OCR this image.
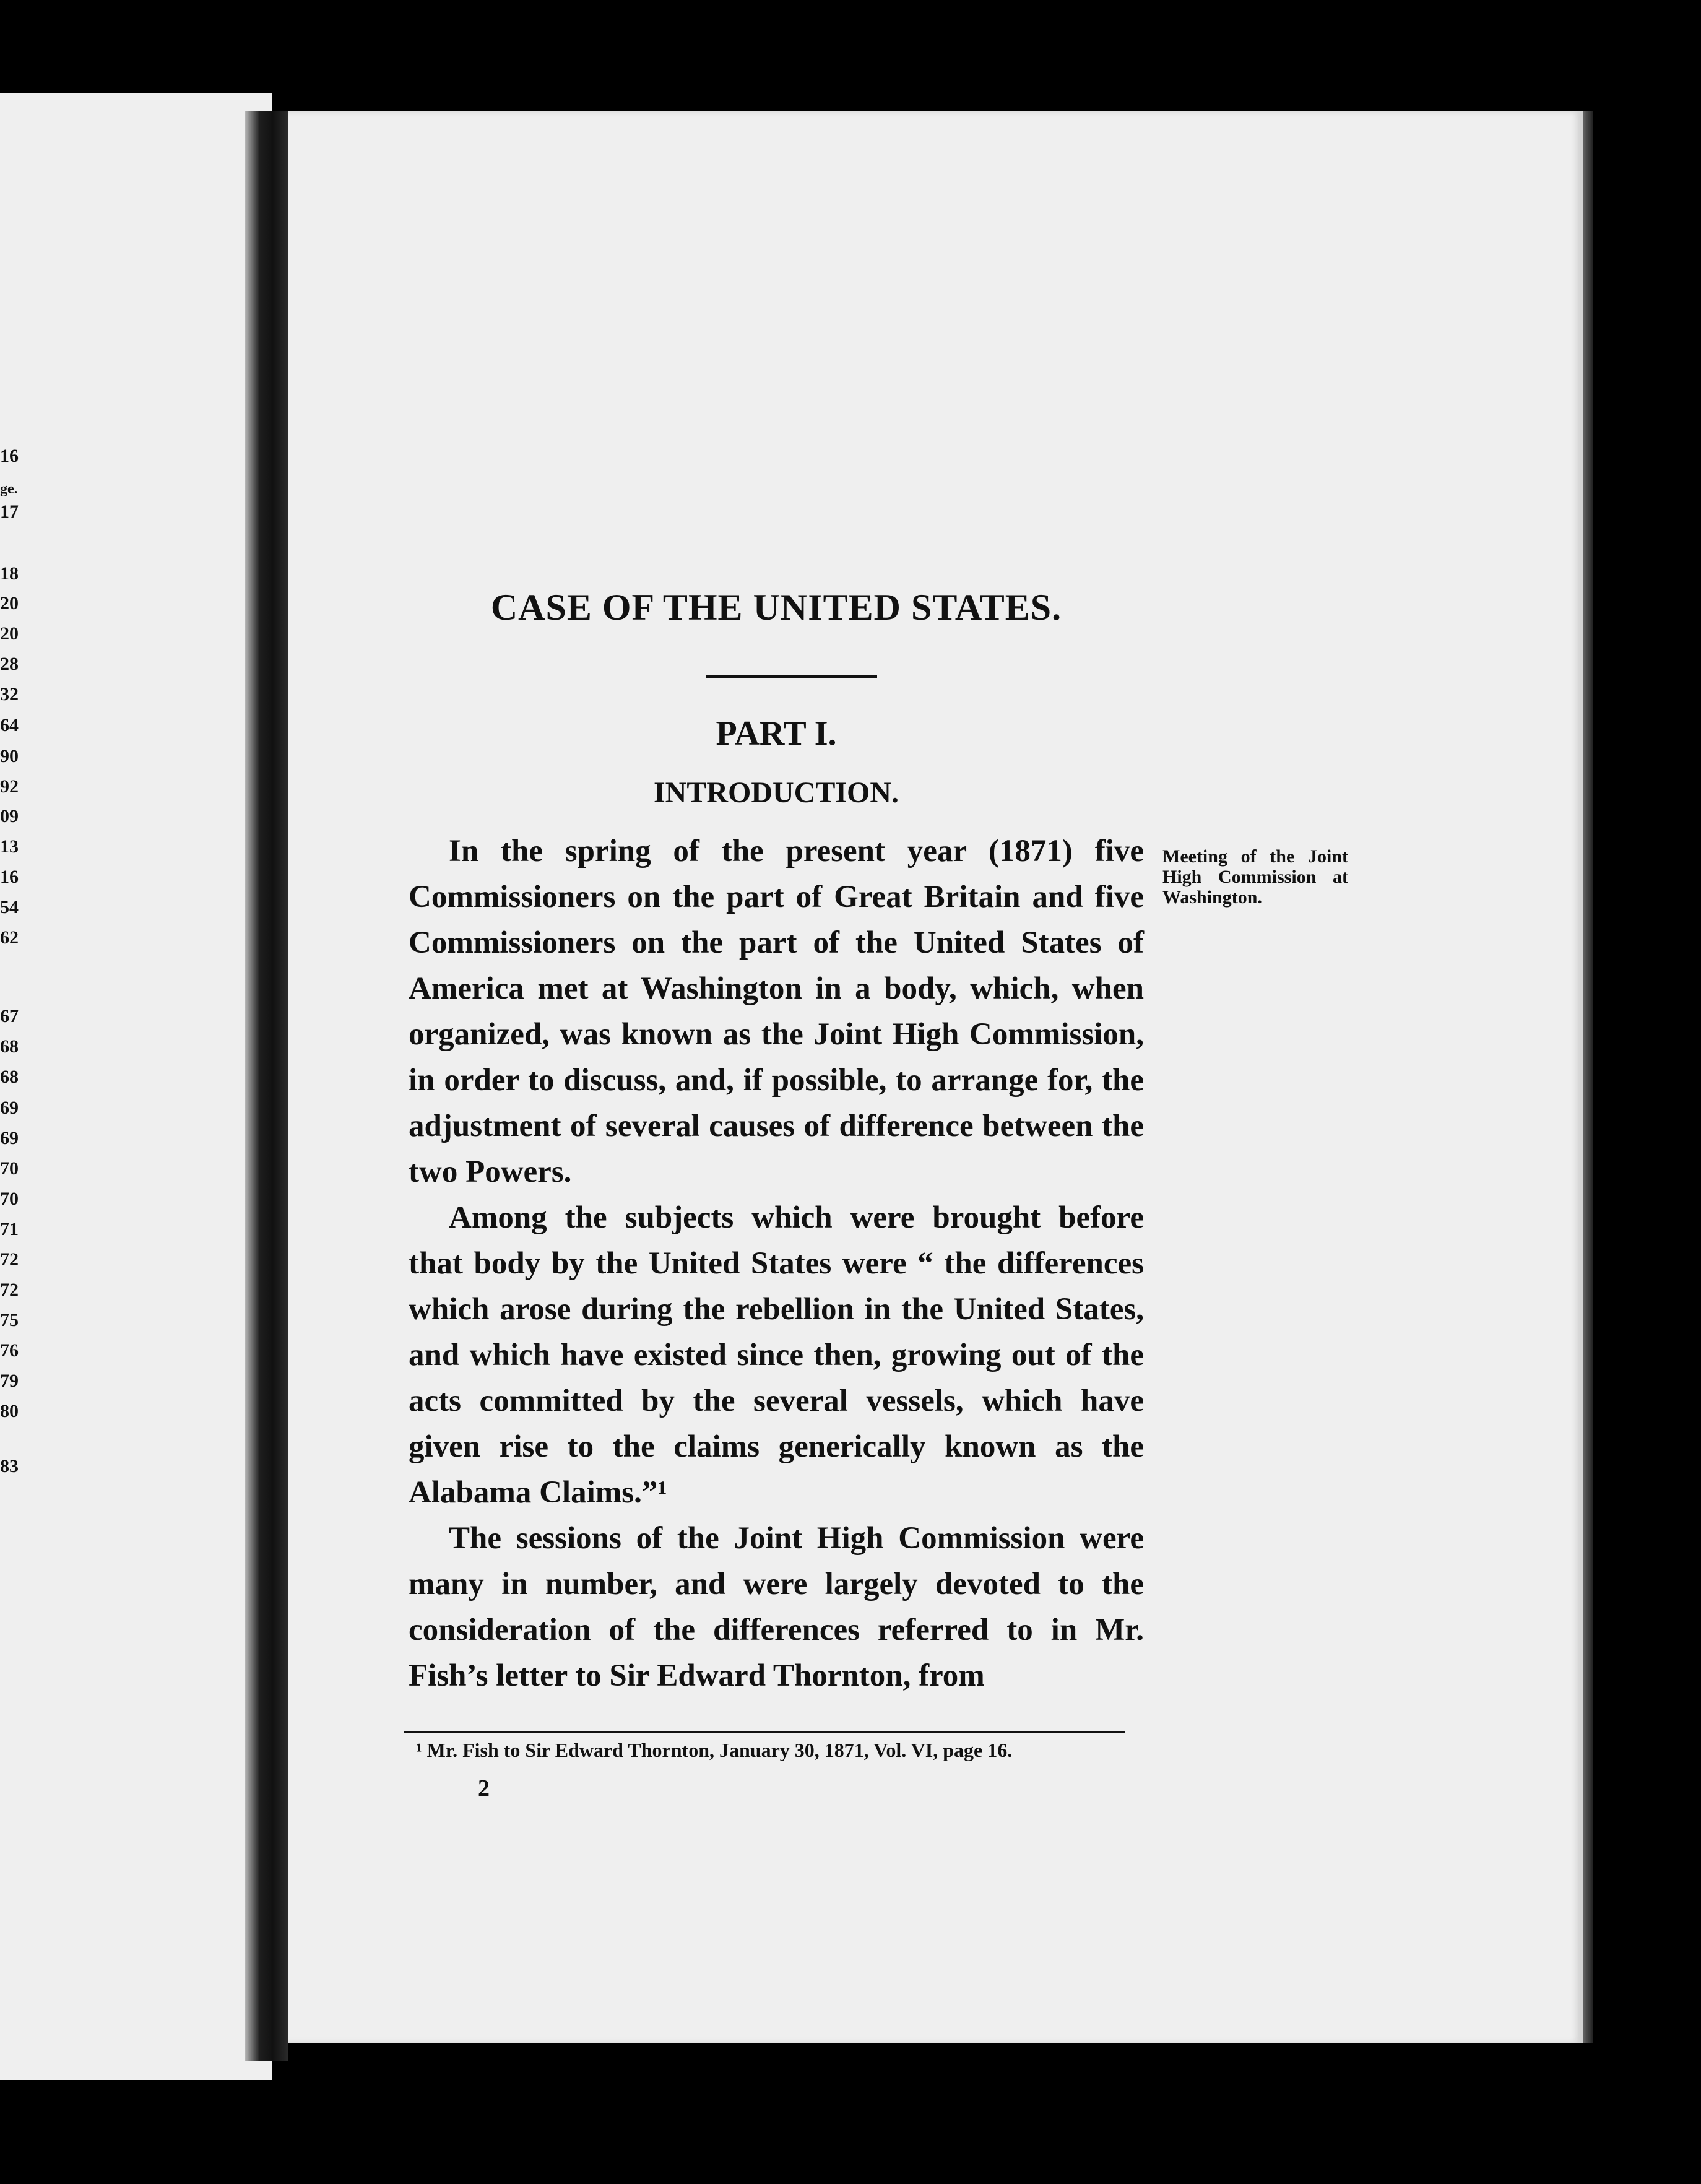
ge.
16
17
18
20
20
28
32
64
90
92
09
13
16
54
62
67
68
68
69
69
70
70
71
72
72
75
76
79
80
83
CASE OF THE UNITED STATES.
PART I.
INTRODUCTION.

In the spring of the present year (1871) five Commissioners on the part of Great Britain and five Commissioners on the part of the United States of America met at Washington in a body, which, when organized, was known as the Joint High Commission, in order to discuss, and, if possible, to arrange for, the adjustment of several causes of difference between the two Powers.

Among the subjects which were brought before that body by the United States were “ the differences which arose during the rebellion in the United States, and which have existed since then, growing out of the acts committed by the several vessels, which have given rise to the claims generically known as the Alabama Claims.”¹

The sessions of the Joint High Commission were many in number, and were largely devoted to the consideration of the differences referred to in Mr. Fish’s letter to Sir Edward Thornton, from

Meeting of the Joint High Commission at Washington.
¹ Mr. Fish to Sir Edward Thornton, January 30, 1871, Vol. VI, page 16.
2
